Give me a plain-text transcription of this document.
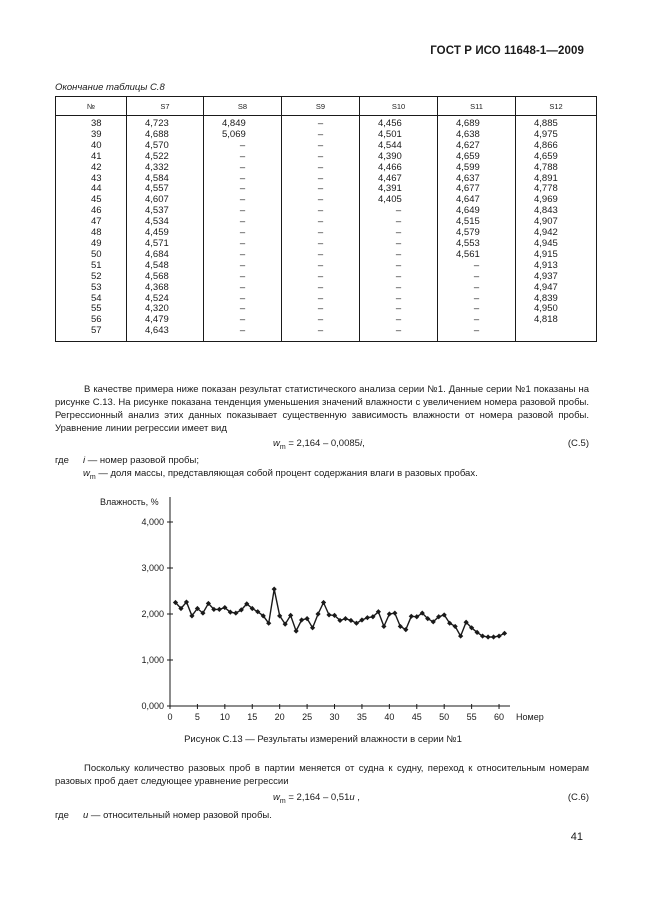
ГОСТ Р ИСО 11648-1—2009
Окончание таблицы С.8
№	S7	S8	S9	S10	S11	S12
38	4,723	4,849	–	4,456	4,689	4,885
39	4,688	5,069	–	4,501	4,638	4,975
40	4,570	–	–	4,544	4,627	4,866
41	4,522	–	–	4,390	4,659	4,659
42	4,332	–	–	4,466	4,599	4,788
43	4,584	–	–	4,467	4,637	4,891
44	4,557	–	–	4,391	4,677	4,778
45	4,607	–	–	4,405	4,647	4,969
46	4,537	–	–	–	4,649	4,843
47	4,534	–	–	–	4,515	4,907
48	4,459	–	–	–	4,579	4,942
49	4,571	–	–	–	4,553	4,945
50	4,684	–	–	–	4,561	4,915
51	4,548	–	–	–	–	4,913
52	4,568	–	–	–	–	4,937
53	4,368	–	–	–	–	4,947
54	4,524	–	–	–	–	4,839
55	4,320	–	–	–	–	4,950
56	4,479	–	–	–	–	4,818
57	4,643	–	–	–	–	

В качестве примера ниже показан результат статистического анализа серии №1. Данные серии №1 показаны на рисунке С.13. На рисунке показана тенденция уменьшения значений влажности с увеличением номера разовой пробы. Регрессионный анализ этих данных показывает существенную зависимость влажности от номера разовой пробы. Уравнение линии регрессии имеет вид

$w_m = 2,164 - 0,0085i$,	(С.5)
где i — номер разовой пробы;
$w_m$ — доля массы, представляющая собой процент содержания влаги в разовых пробах.
0,000
1,000
2,000
3,000
4,000
0 5 10 15 20 25 30 35 40 45 50 55 60
Влажность, %
Номер
Рисунок С.13 — Результаты измерений влажности в серии №1

Поскольку количество разовых проб в партии меняется от судна к судну, переход к относительным номерам разовых проб дает следующее уравнение регрессии

$w_m = 2,164 - 0,51u$ ,	(С.6)
где u — относительный номер разовой пробы.
41
